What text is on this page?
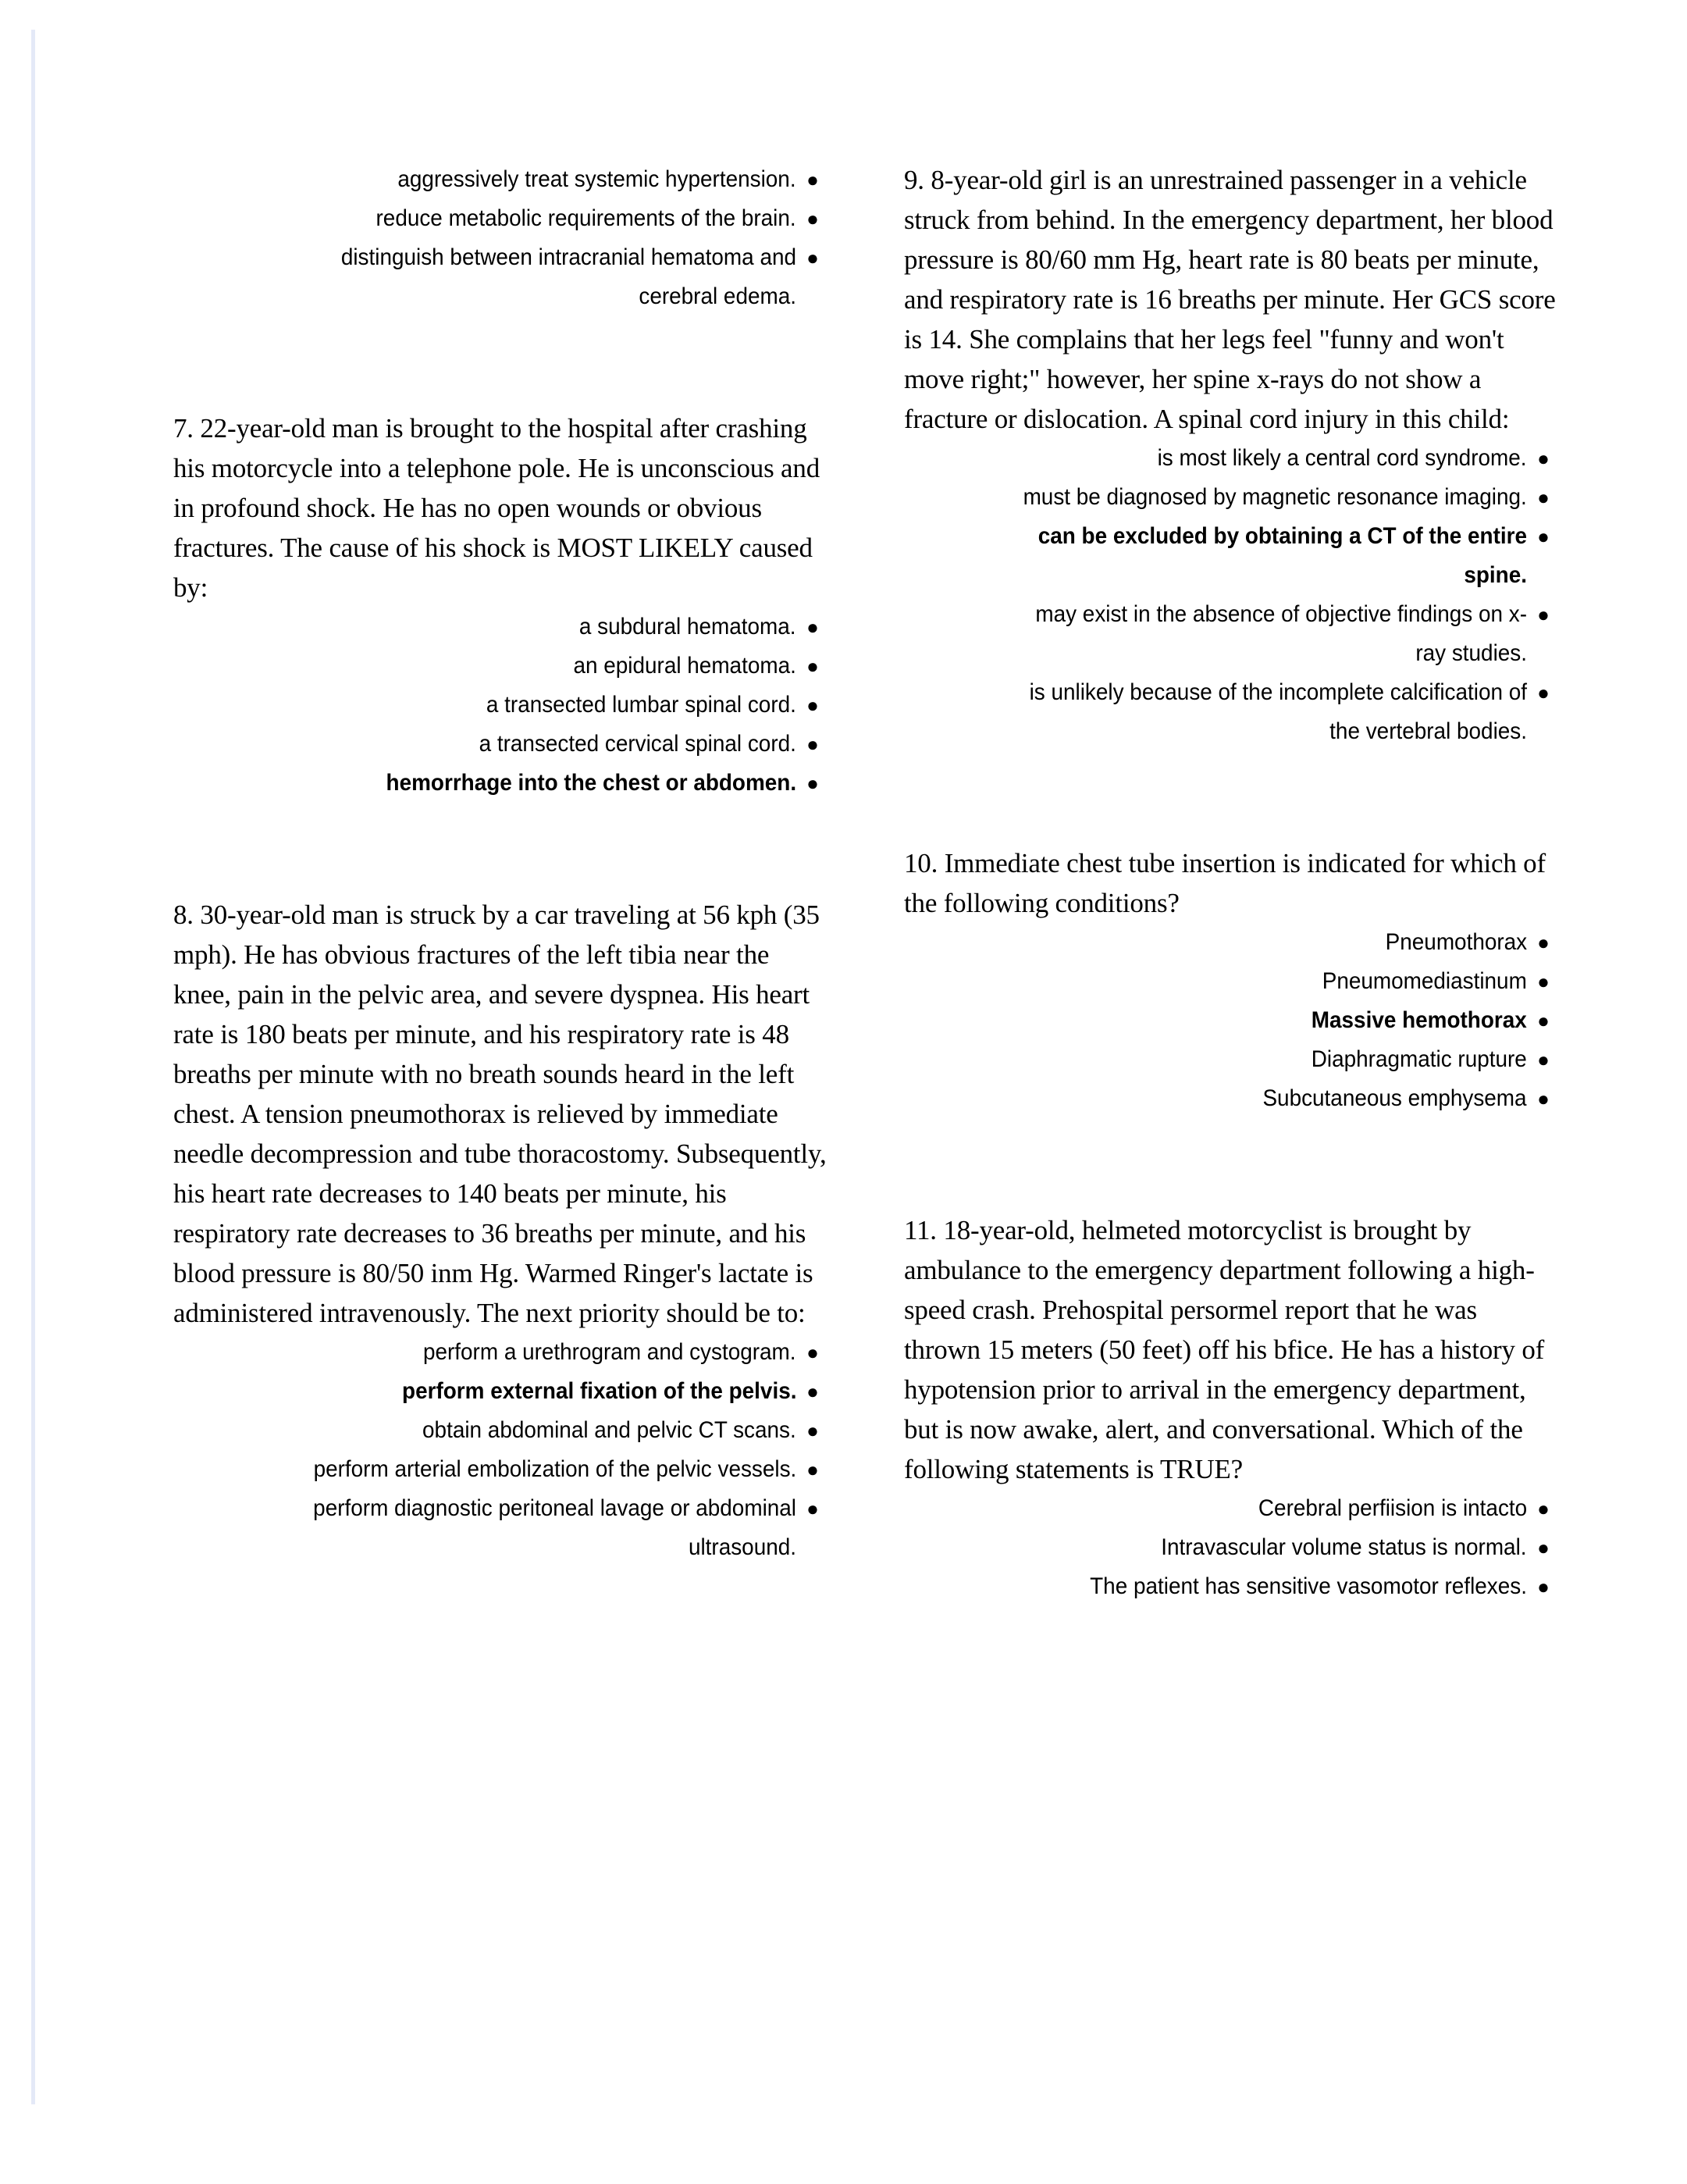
aggressively treat systemic hypertension. ●
reduce metabolic requirements of the brain. ●
distinguish between intracranial hematoma and cerebral edema.
●

7. 22-year-old man is brought to the hospital after crashing his motorcycle into a telephone pole. He is unconscious and in profound shock. He has no open wounds or obvious fractures. The cause of his shock is MOST LIKELY caused by:

a subdural hematoma. ●
an epidural hematoma. ●
a transected lumbar spinal cord. ●
a transected cervical spinal cord. ●
hemorrhage into the chest or abdomen. ●

8. 30-year-old man is struck by a car traveling at 56 kph (35 mph). He has obvious fractures of the left tibia near the knee, pain in the pelvic area, and severe dyspnea. His heart rate is 180 beats per minute, and his respiratory rate is 48 breaths per minute with no breath sounds heard in the left chest. A tension pneumothorax is relieved by immediate needle decompression and tube thoracostomy. Subsequently, his heart rate decreases to 140 beats per minute, his respiratory rate decreases to 36 breaths per minute, and his blood pressure is 80/50 inm Hg. Warmed Ringer's lactate is administered intravenously. The next priority should be to:

perform a urethrogram and cystogram. ●
perform external fixation of the pelvis. ●
obtain abdominal and pelvic CT scans. ●
perform arterial embolization of the pelvic vessels. ●
perform diagnostic peritoneal lavage or abdominal ultrasound.
●

9. 8-year-old girl is an unrestrained passenger in a vehicle struck from behind. In the emergency department, her blood pressure is 80/60 mm Hg, heart rate is 80 beats per minute, and respiratory rate is 16 breaths per minute. Her GCS score is 14. She complains that her legs feel "funny and won't move right;" however, her spine x-rays do not show a fracture or dislocation. A spinal cord injury in this child:

is most likely a central cord syndrome. ●
must be diagnosed by magnetic resonance imaging. ●
can be excluded by obtaining a CT of the entire spine.
●
may exist in the absence of objective findings on x-ray studies.
●
is unlikely because of the incomplete calcification of the vertebral bodies.
●

10. Immediate chest tube insertion is indicated for which of the following conditions?

Pneumothorax ●
Pneumomediastinum ●
Massive hemothorax ●
Diaphragmatic rupture ●
Subcutaneous emphysema ●

11. 18-year-old, helmeted motorcyclist is brought by ambulance to the emergency department following a high-speed crash. Prehospital persormel report that he was thrown 15 meters (50 feet) off his bfice. He has a history of hypotension prior to arrival in the emergency department, but is now awake, alert, and conversational. Which of the following statements is TRUE?

Cerebral perfiision is intacto ●
Intravascular volume status is normal. ●
The patient has sensitive vasomotor reflexes. ●
